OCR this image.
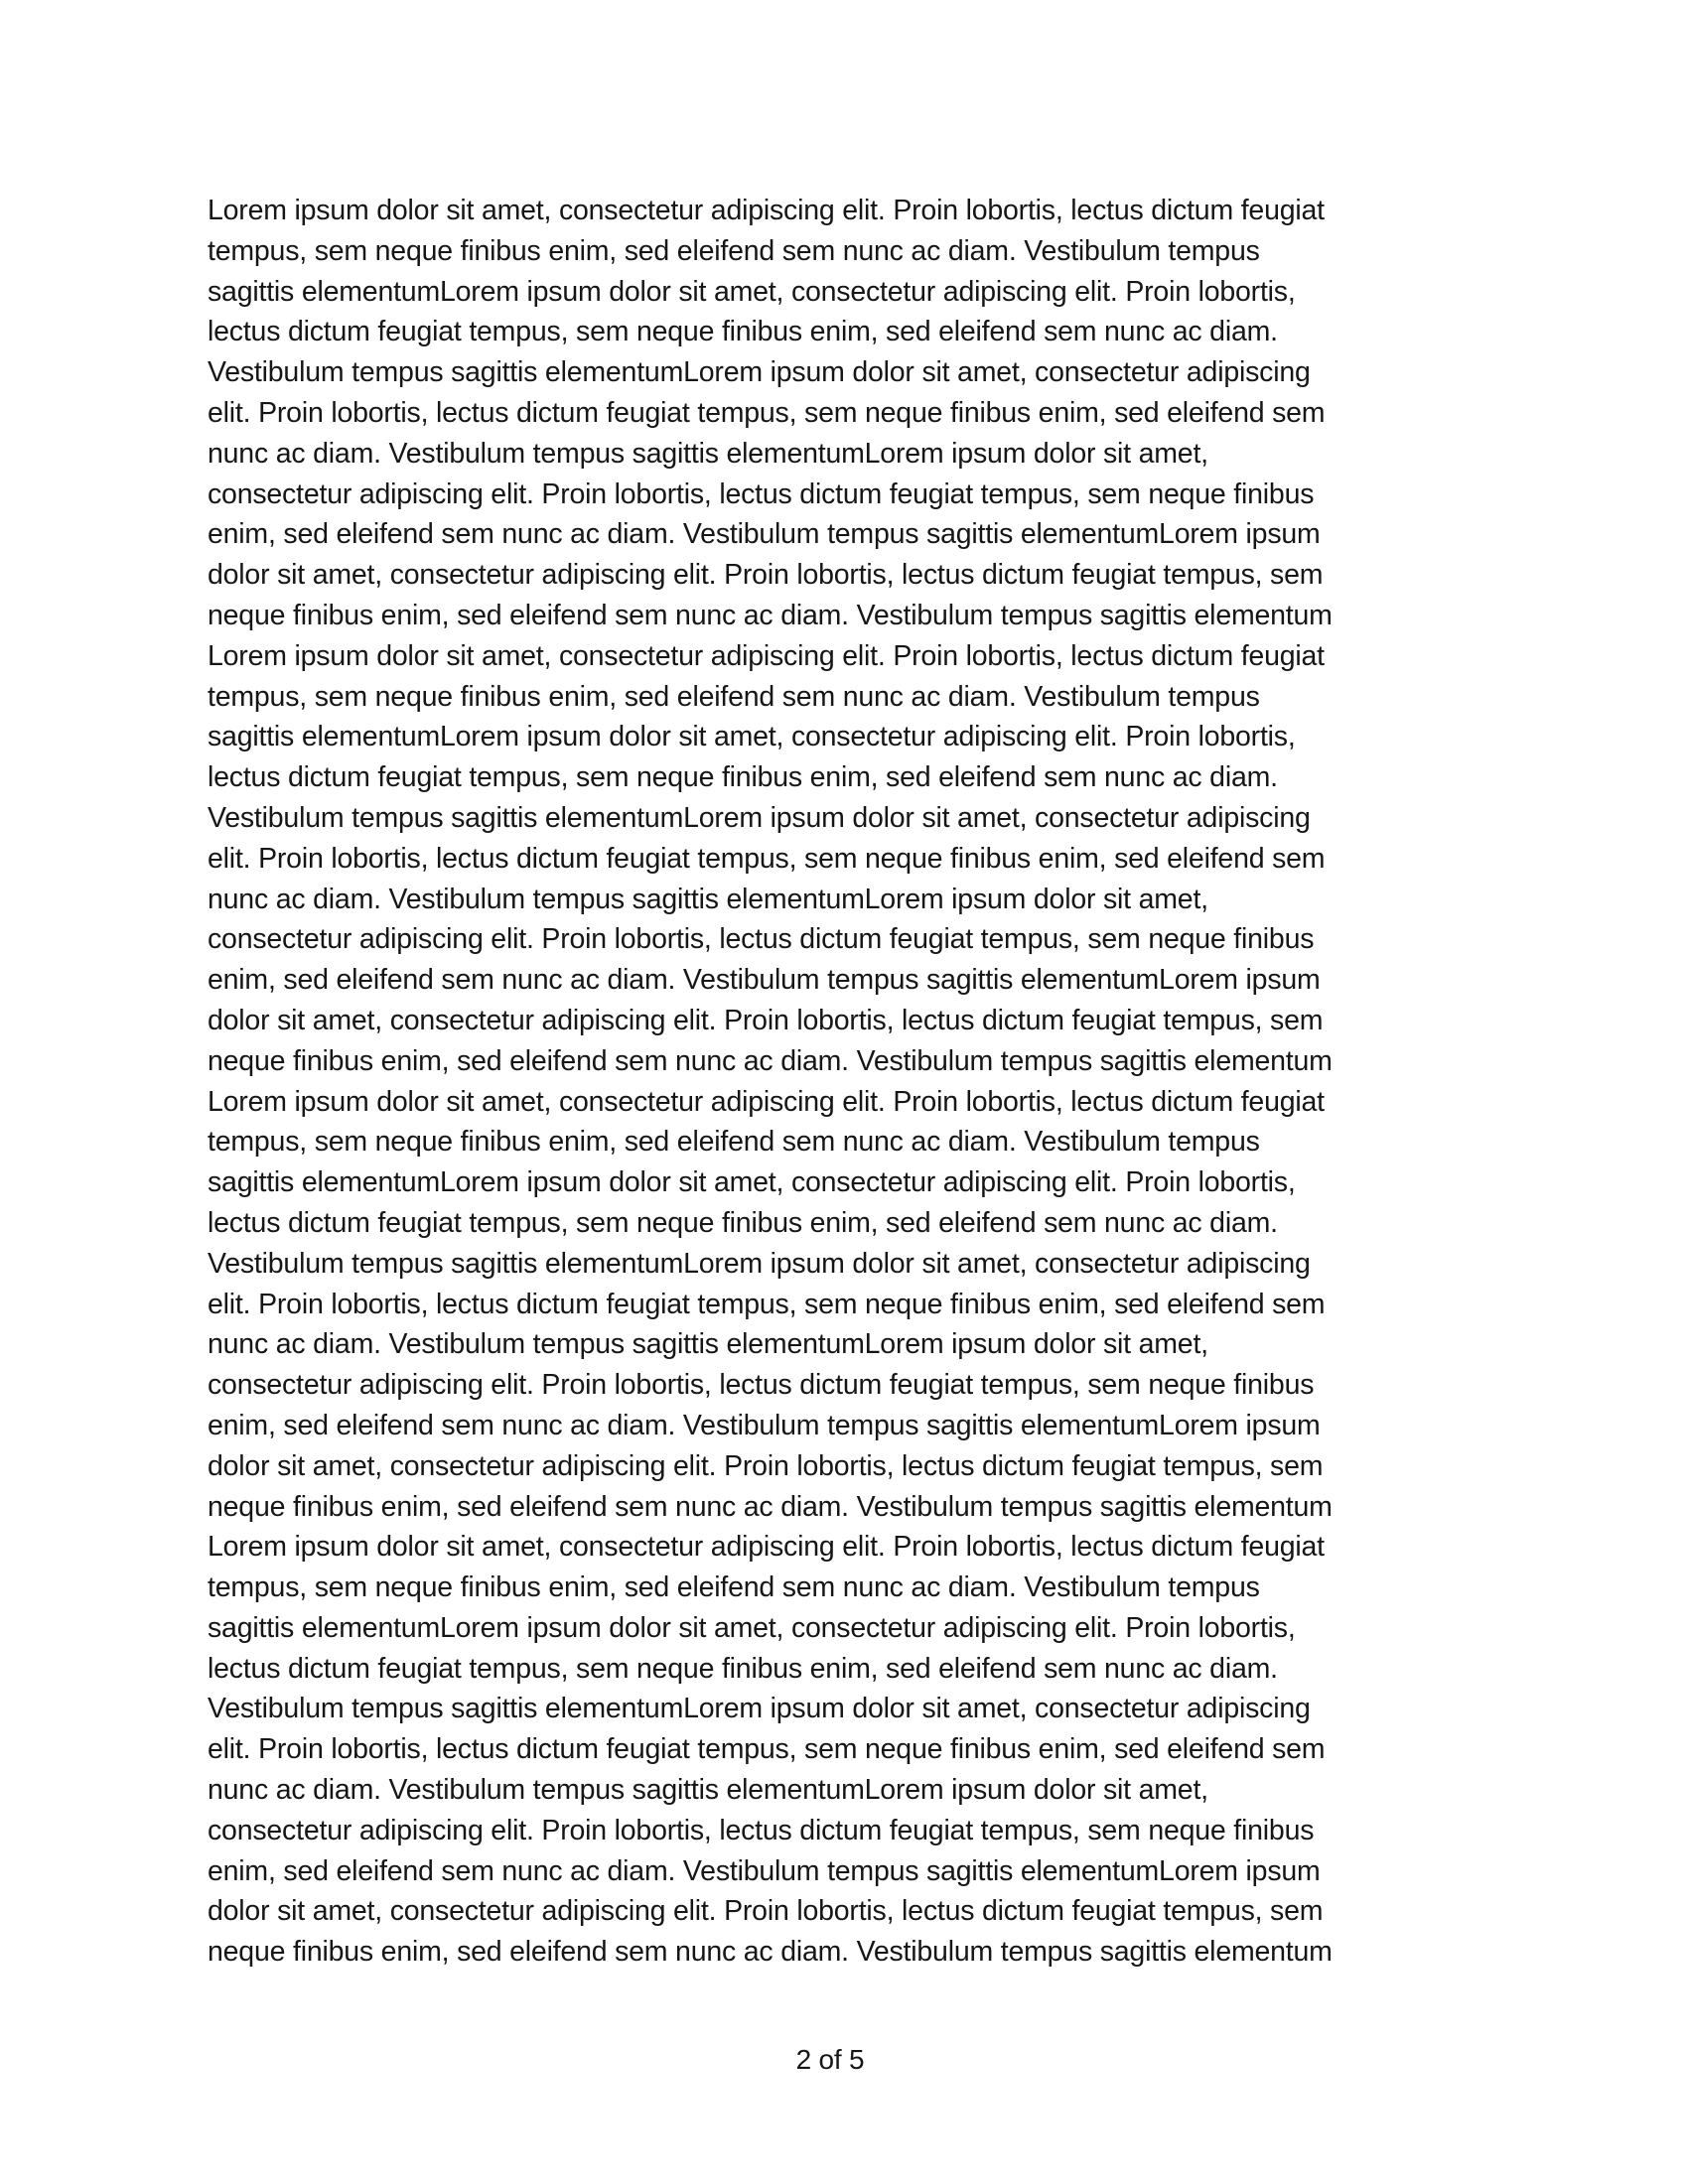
Lorem ipsum dolor sit amet, consectetur adipiscing elit. Proin lobortis, lectus dictum feugiat
tempus, sem neque finibus enim, sed eleifend sem nunc ac diam. Vestibulum tempus
sagittis elementumLorem ipsum dolor sit amet, consectetur adipiscing elit. Proin lobortis,
lectus dictum feugiat tempus, sem neque finibus enim, sed eleifend sem nunc ac diam.
Vestibulum tempus sagittis elementumLorem ipsum dolor sit amet, consectetur adipiscing
elit. Proin lobortis, lectus dictum feugiat tempus, sem neque finibus enim, sed eleifend sem
nunc ac diam. Vestibulum tempus sagittis elementumLorem ipsum dolor sit amet,
consectetur adipiscing elit. Proin lobortis, lectus dictum feugiat tempus, sem neque finibus
enim, sed eleifend sem nunc ac diam. Vestibulum tempus sagittis elementumLorem ipsum
dolor sit amet, consectetur adipiscing elit. Proin lobortis, lectus dictum feugiat tempus, sem
neque finibus enim, sed eleifend sem nunc ac diam. Vestibulum tempus sagittis elementum
Lorem ipsum dolor sit amet, consectetur adipiscing elit. Proin lobortis, lectus dictum feugiat
tempus, sem neque finibus enim, sed eleifend sem nunc ac diam. Vestibulum tempus
sagittis elementumLorem ipsum dolor sit amet, consectetur adipiscing elit. Proin lobortis,
lectus dictum feugiat tempus, sem neque finibus enim, sed eleifend sem nunc ac diam.
Vestibulum tempus sagittis elementumLorem ipsum dolor sit amet, consectetur adipiscing
elit. Proin lobortis, lectus dictum feugiat tempus, sem neque finibus enim, sed eleifend sem
nunc ac diam. Vestibulum tempus sagittis elementumLorem ipsum dolor sit amet,
consectetur adipiscing elit. Proin lobortis, lectus dictum feugiat tempus, sem neque finibus
enim, sed eleifend sem nunc ac diam. Vestibulum tempus sagittis elementumLorem ipsum
dolor sit amet, consectetur adipiscing elit. Proin lobortis, lectus dictum feugiat tempus, sem
neque finibus enim, sed eleifend sem nunc ac diam. Vestibulum tempus sagittis elementum
Lorem ipsum dolor sit amet, consectetur adipiscing elit. Proin lobortis, lectus dictum feugiat
tempus, sem neque finibus enim, sed eleifend sem nunc ac diam. Vestibulum tempus
sagittis elementumLorem ipsum dolor sit amet, consectetur adipiscing elit. Proin lobortis,
lectus dictum feugiat tempus, sem neque finibus enim, sed eleifend sem nunc ac diam.
Vestibulum tempus sagittis elementumLorem ipsum dolor sit amet, consectetur adipiscing
elit. Proin lobortis, lectus dictum feugiat tempus, sem neque finibus enim, sed eleifend sem
nunc ac diam. Vestibulum tempus sagittis elementumLorem ipsum dolor sit amet,
consectetur adipiscing elit. Proin lobortis, lectus dictum feugiat tempus, sem neque finibus
enim, sed eleifend sem nunc ac diam. Vestibulum tempus sagittis elementumLorem ipsum
dolor sit amet, consectetur adipiscing elit. Proin lobortis, lectus dictum feugiat tempus, sem
neque finibus enim, sed eleifend sem nunc ac diam. Vestibulum tempus sagittis elementum
Lorem ipsum dolor sit amet, consectetur adipiscing elit. Proin lobortis, lectus dictum feugiat
tempus, sem neque finibus enim, sed eleifend sem nunc ac diam. Vestibulum tempus
sagittis elementumLorem ipsum dolor sit amet, consectetur adipiscing elit. Proin lobortis,
lectus dictum feugiat tempus, sem neque finibus enim, sed eleifend sem nunc ac diam.
Vestibulum tempus sagittis elementumLorem ipsum dolor sit amet, consectetur adipiscing
elit. Proin lobortis, lectus dictum feugiat tempus, sem neque finibus enim, sed eleifend sem
nunc ac diam. Vestibulum tempus sagittis elementumLorem ipsum dolor sit amet,
consectetur adipiscing elit. Proin lobortis, lectus dictum feugiat tempus, sem neque finibus
enim, sed eleifend sem nunc ac diam. Vestibulum tempus sagittis elementumLorem ipsum
dolor sit amet, consectetur adipiscing elit. Proin lobortis, lectus dictum feugiat tempus, sem
neque finibus enim, sed eleifend sem nunc ac diam. Vestibulum tempus sagittis elementum
2 of 5
